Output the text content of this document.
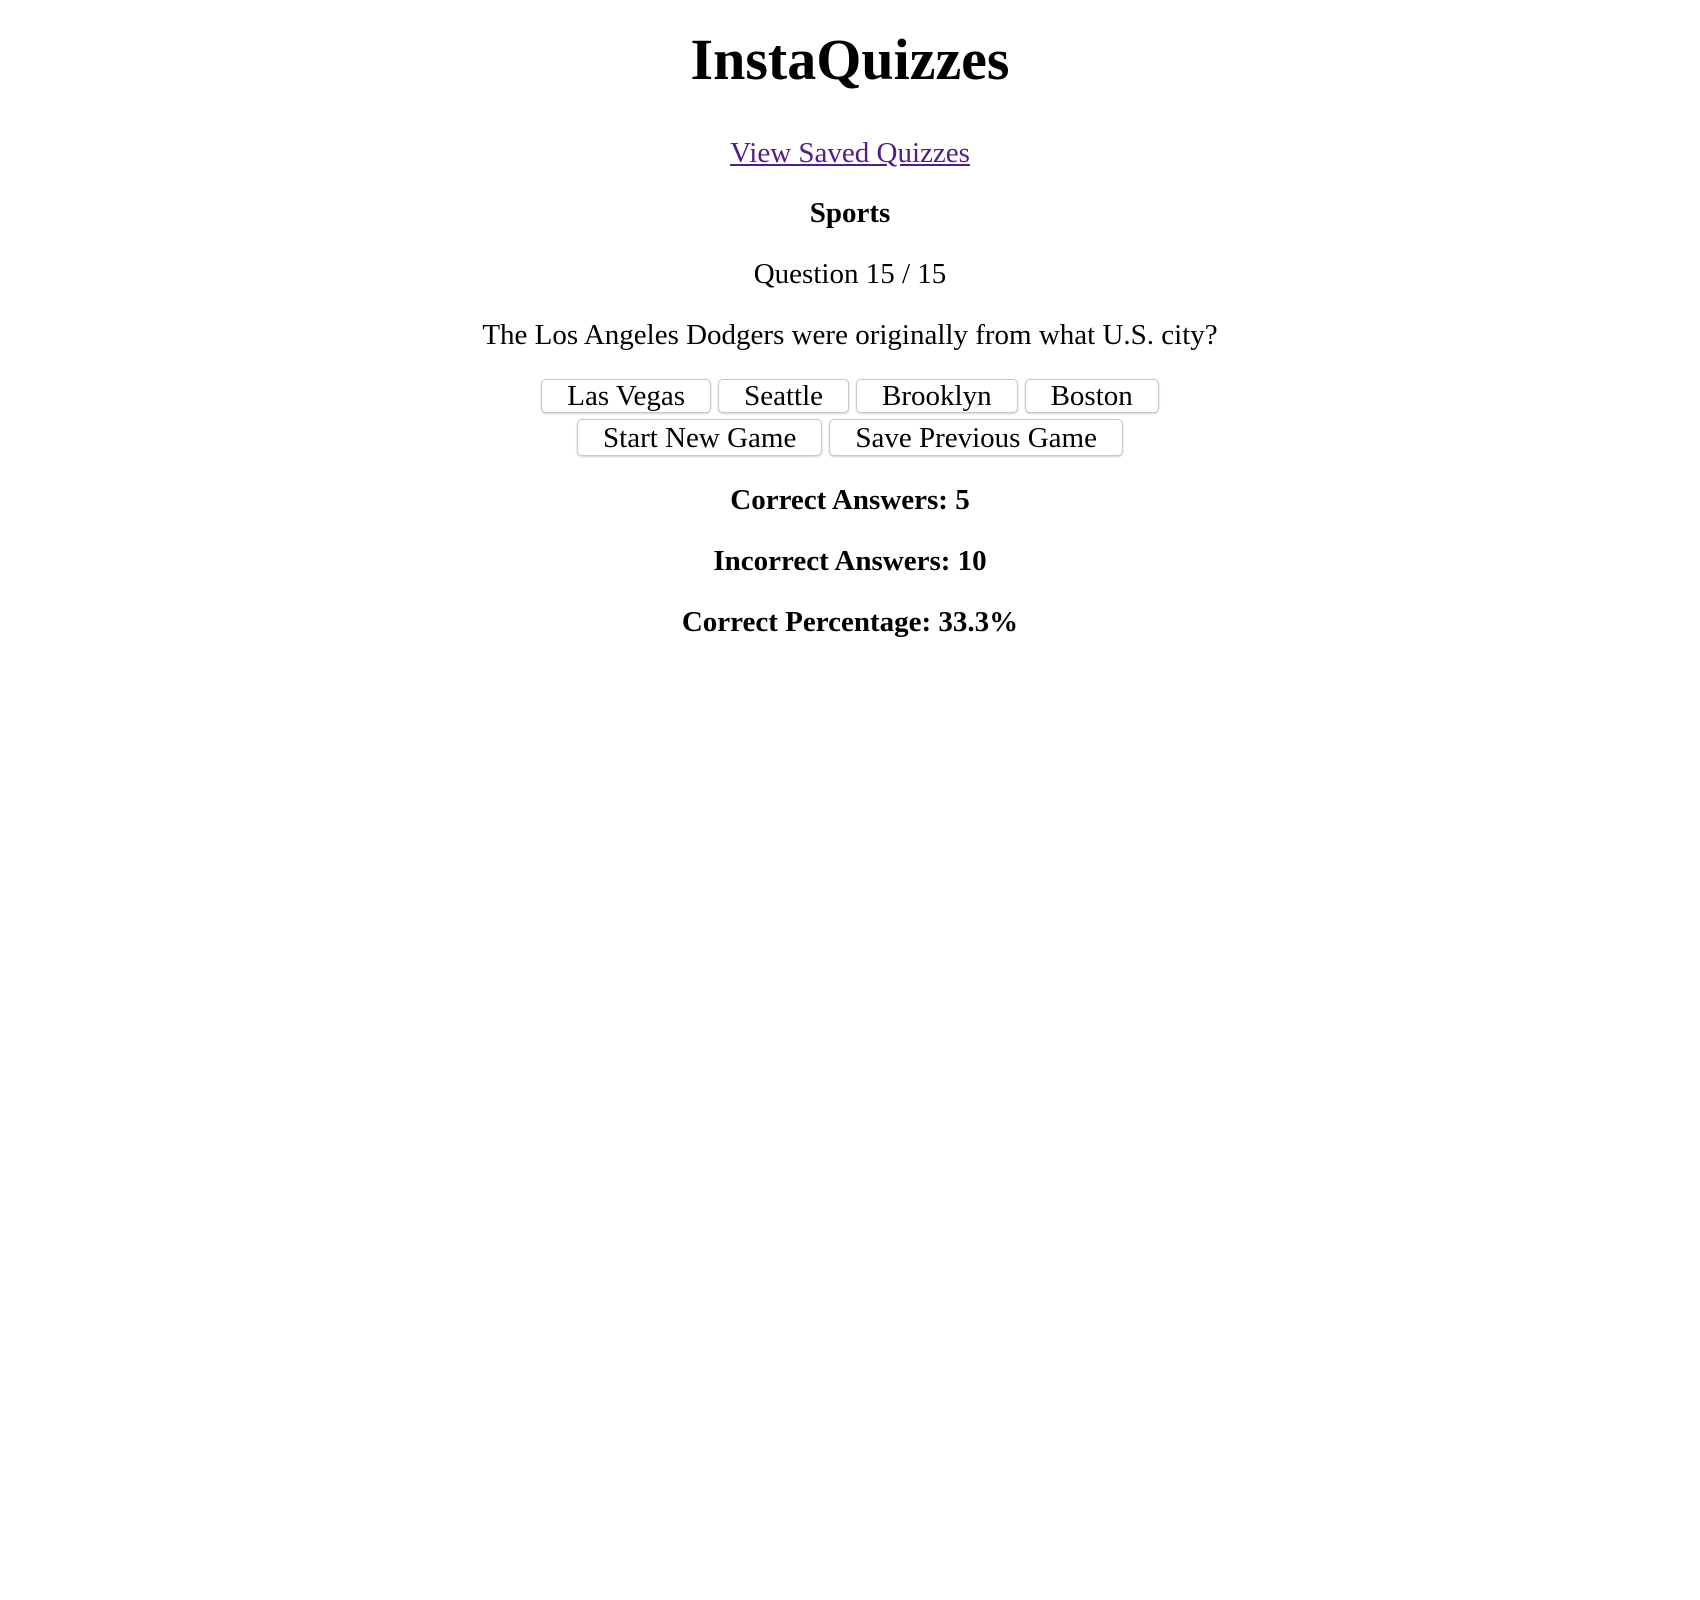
InstaQuizzes
View Saved Quizzes
Sports
Question 15 / 15
The Los Angeles Dodgers were originally from what U.S. city?
Las Vegas	Seattle	Brooklyn	Boston
Start New Game	Save Previous Game
Correct Answers: 5
Incorrect Answers: 10
Correct Percentage: 33.3%
